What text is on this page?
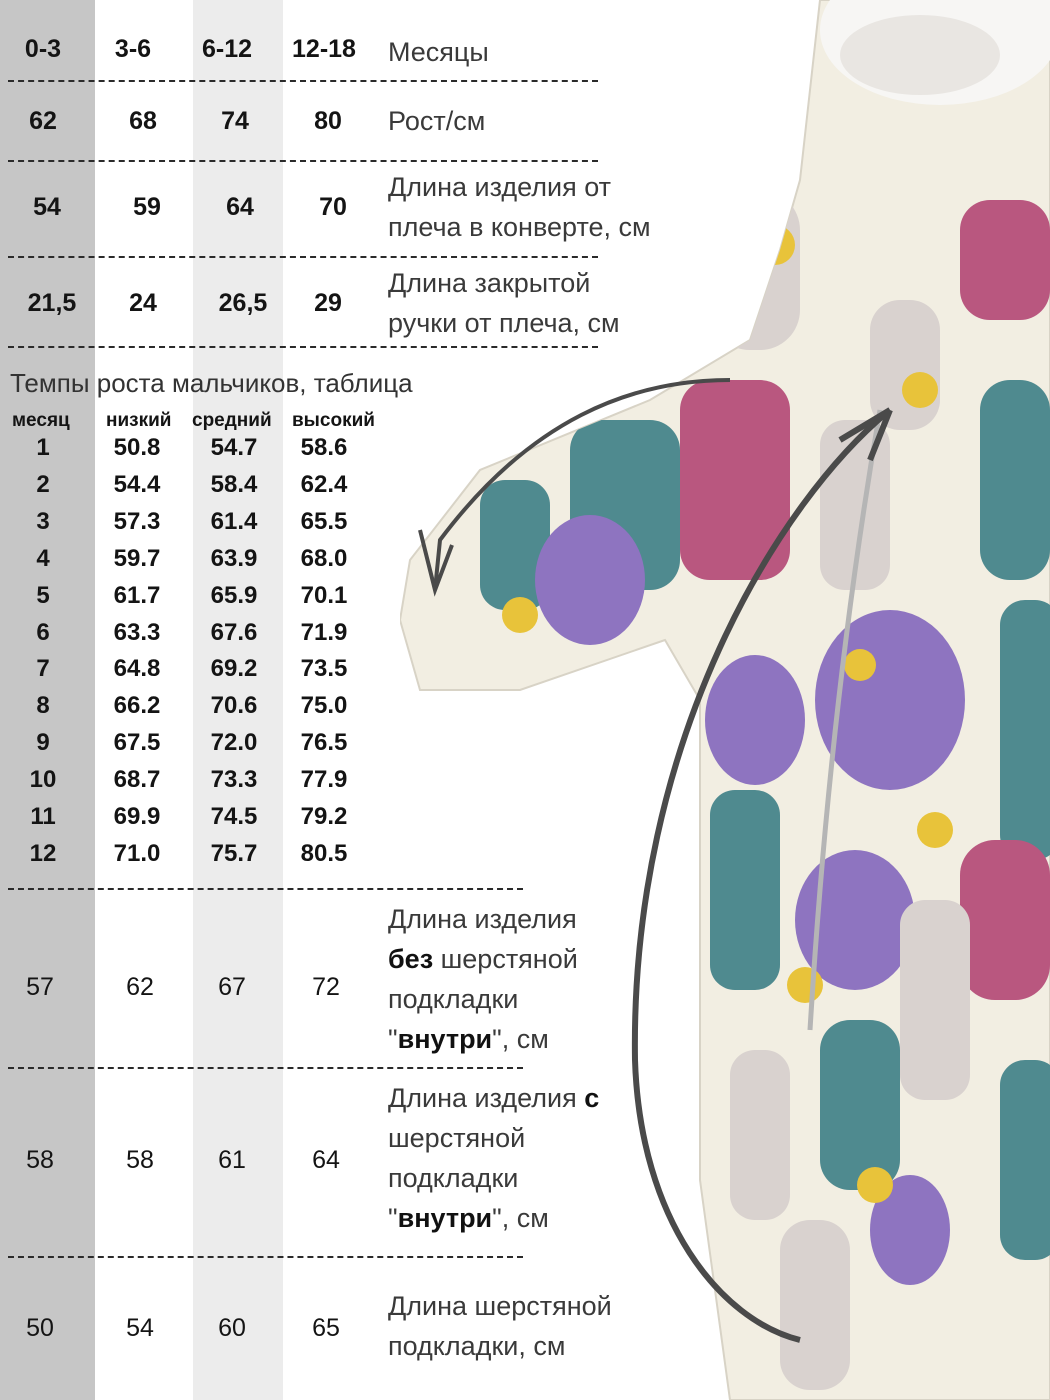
0-3	3-6	6-12	12-18	Месяцы
62	68	74	80	Рост/см
54	59	64	70
Длина изделия от
плеча в конверте, см
21,5	24	26,5	29
Длина закрытой
ручки от плеча, см
Темпы роста мальчиков, таблица
месяц низкий средний высокий
1	50.8	54.7	58.6
2	54.4	58.4	62.4
3	57.3	61.4	65.5
4	59.7	63.9	68.0
5	61.7	65.9	70.1
6	63.3	67.6	71.9
7	64.8	69.2	73.5
8	66.2	70.6	75.0
9	67.5	72.0	76.5
10	68.7	73.3	77.9
11	69.9	74.5	79.2
12	71.0	75.7	80.5
57	62	67	72
Длина изделия
без шерстяной
подкладки
"внутри", см
58	58	61	64
Длина изделия с
шерстяной
подкладки
"внутри", см
50	54	60	65
Длина шерстяной
подкладки, см
